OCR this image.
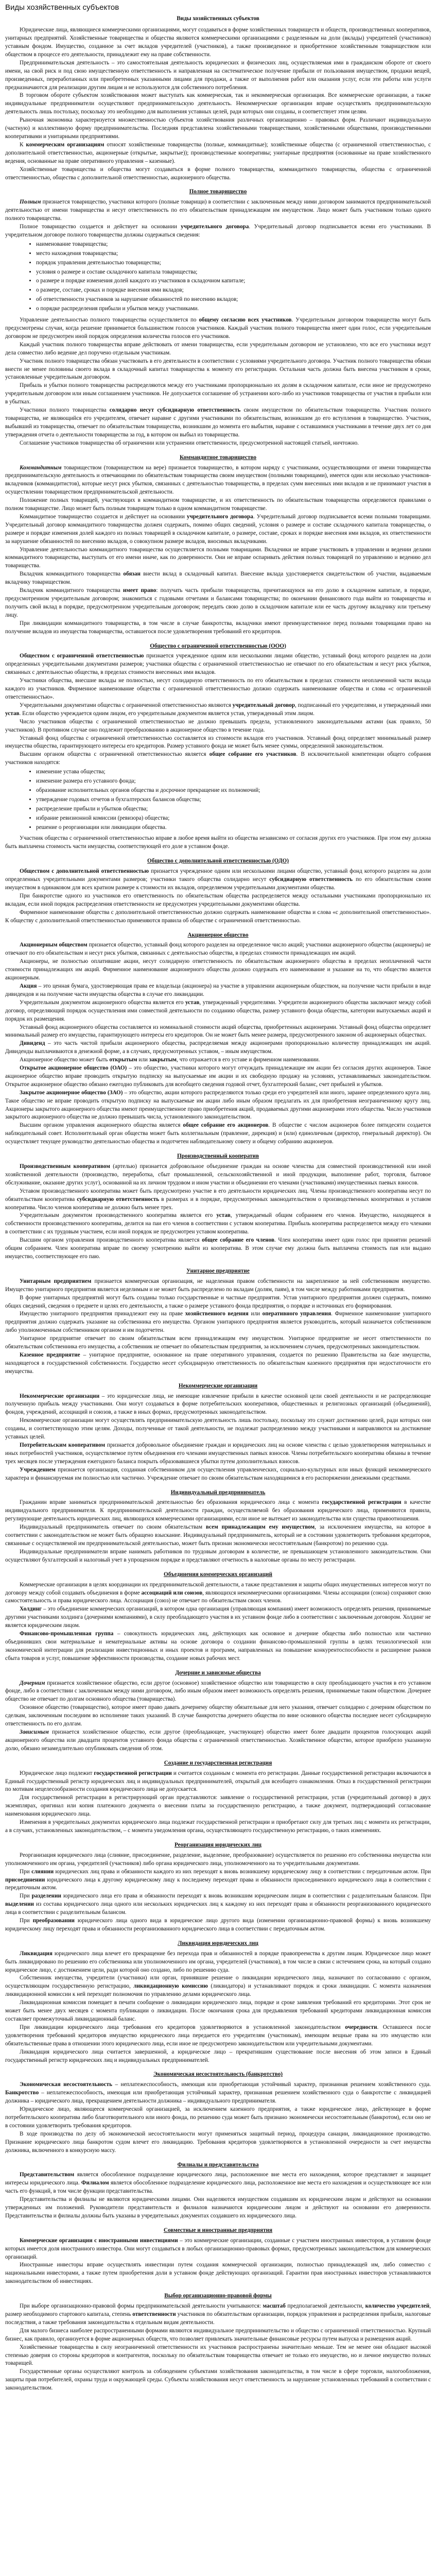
Виды хозяйственных субъектов
Виды хозяйственных субъектов
Юридические лица, являющиеся коммерческими организациями, могут создаваться в форме хозяйственных товариществ и обществ, производственных кооперативов, унитарных предприятий. Хозяйственные товарищества и общества являются коммерческими организациями с разделенным на доли (вклады) учредителей (участников) уставным фондом. Имущество, созданное за счет вкладов учредителей (участников), а также произведенное и приобретенное хозяйственным товариществом или обществом в процессе его деятельности, принадлежит ему на праве собственности.
Предпринимательская деятельность – это самостоятельная деятельность юридических и физических лиц, осуществляемая ими в гражданском обороте от своего имени, на свой риск и под свою имущественную ответственность и направленная на систематическое получение прибыли от пользования имуществом, продажи вещей, произведенных, переработанных или приобретенных указанными лицами для продажи, а также от выполнения работ или оказания услуг, если эти работы или услуги предназначаются для реализации другим лицам и не используются для собственного потребления.
В торговом обороте субъектом хозяйствования может выступать как коммерческая, так и некоммерческая организация. Все коммерческие организации, а также индивидуальные предприниматели осуществляют предпринимательскую деятельность. Некоммерческие организации вправе осуществлять предпринимательскую деятельность лишь постольку, поскольку это необходимо для выполнения уставных целей, ради которых они созданы, и соответствует этим целям.
Рыночная экономика характеризуется множественностью субъектов хозяйствования различных организационно – правовых форм. Различают индивидуальную (частную) и коллективную форму предпринимательства. Последняя представлена хозяйственными товариществами, хозяйственными обществами, производственными кооперативами и унитарными предприятиями.
К коммерческим организациям относят хозяйственные товарищества (полные, коммандитные); хозяйственные общества (с ограниченной ответственностью, с дополнительной ответственностью, акционерные (открытые, закрытые)); производственные кооперативы; унитарные предприятия (основанные на праве хозяйственного ведения, основанные на праве оперативного управления – казенные).
Хозяйственные товарищества и общества могут создаваться в форме полного товарищества, коммандитного товарищества, общества с ограниченной ответственностью, общества с дополнительной ответственностью, акционерного общества.
Полное товарищество
Полным признается товарищество, участники которого (полные товарищи) в соответствии с заключенным между ними договором занимаются предпринимательской деятельностью от имени товарищества и несут ответственность по его обязательствам принадлежащим им имуществом. Лицо может быть участником только одного полного товарищества.
Полное товарищество создается и действует на основании учредительного договора. Учредительный договор подписывается всеми его участниками. В учредительном договоре полного товарищества должны содержаться сведения:
• наименование товарищества;
• место нахождения товарищества;
• порядок управления деятельностью товарищества;
• условия о размере и составе складочного капитала товарищества;
• о размере и порядке изменения долей каждого из участников в складочном капитале;
• о размере, составе, сроках и порядке внесения ими вкладов;
• об ответственности участников за нарушение обязанностей по внесению вкладов;
• о порядке распределения прибыли и убытков между участниками.
Управление деятельностью полного товарищества осуществляется по общему согласию всех участников. Учредительным договором товарищества могут быть предусмотрены случаи, когда решение принимается большинством голосов участников. Каждый участник полного товарищества имеет один голос, если учредительным договором не предусмотрен иной порядок определения количества голосов его участников.
Каждый участник полного товарищества вправе действовать от имени товарищества, если учредительным договором не установлено, что все его участники ведут дела совместно либо ведение дел поручено отдельным участникам.
Участник полного товарищества обязан участвовать в его деятельности в соответствии с условиями учредительного договора. Участник полного товарищества обязан внести не менее половины своего вклада в складочный капитал товарищества к моменту его регистрации. Остальная часть должна быть внесена участником в сроки, установленные учредительным договором.
Прибыль и убытки полного товарищества распределяются между его участниками пропорционально их долям в складочном капитале, если иное не предусмотрено учредительным договором или иным соглашением участников. Не допускается соглашение об устранении кого-либо из участников товарищества от участия в прибыли или в убытках.
Участники полного товарищества солидарно несут субсидиарную ответственность своим имуществом по обязательствам товарищества. Участник полного товарищества, не являющийся его учредителем, отвечает наравне с другими участниками по обязательствам, возникшим до его вступления в товарищество. Участник, выбывший из товарищества, отвечает по обязательствам товарищества, возникшим до момента его выбытия, наравне с оставшимися участниками в течение двух лет со дня утверждения отчета о деятельности товарищества за год, в котором он выбыл из товарищества.
Соглашение участников товарищества об ограничении или устранении ответственности, предусмотренной настоящей статьей, ничтожно.
Коммандитное товарищество
Коммандитным товариществом (товариществом на вере) признается товарищество, в котором наряду с участниками, осуществляющими от имени товарищества предпринимательскую деятельность и отвечающими по обязательствам товарищества своим имуществом (полными товарищами), имеется один или несколько участников-вкладчиков (коммандитистов), которые несут риск убытков, связанных с деятельностью товарищества, в пределах сумм внесенных ими вкладов и не принимают участия в осуществлении товариществом предпринимательской деятельности.
Положение полных товарищей, участвующих в коммандитном товариществе, и их ответственность по обязательствам товарищества определяются правилами о полном товариществе. Лицо может быть полным товарищем только в одном коммандитном товариществе.
Коммандитное товарищество создается и действует на основании учредительного договора. Учредительный договор подписывается всеми полными товарищами. Учредительный договор коммандитного товарищества должен содержать, помимо общих сведений, условия о размере и составе складочного капитала товарищества, о размере и порядке изменения долей каждого из полных товарищей в складочном капитале, о размере, составе, сроках и порядке внесения ими вкладов, их ответственности за нарушение обязанностей по внесению вкладов, о совокупном размере вкладов, вносимых вкладчиками.
Управление деятельностью коммандитного товарищества осуществляется полными товарищами. Вкладчики не вправе участвовать в управлении и ведении делами коммандитного товарищества, выступать от его имени иначе, как по доверенности. Они не вправе оспаривать действия полных товарищей по управлению и ведению дел товарищества.
Вкладчик коммандитного товарищества обязан внести вклад в складочный капитал. Внесение вклада удостоверяется свидетельством об участии, выдаваемым вкладчику товариществом.
Вкладчик коммандитного товарищества имеет право: получать часть прибыли товарищества, причитающуюся на его долю в складочном капитале, в порядке, предусмотренном учредительным договором; знакомиться с годовыми отчетами и балансами товарищества; по окончании финансового года выйти из товарищества и получить свой вклад в порядке, предусмотренном учредительным договором; передать свою долю в складочном капитале или ее часть другому вкладчику или третьему лицу.
При ликвидации коммандитного товарищества, в том числе в случае банкротства, вкладчики имеют преимущественное перед полными товарищами право на получение вкладов из имущества товарищества, оставшегося после удовлетворения требований его кредиторов.
Общество с ограниченной ответственностью (ООО)
Обществом с ограниченной ответственностью признается учрежденное одним или несколькими лицами общество, уставный фонд которого разделен на доли определенных учредительными документами размеров; участники общества с ограниченной ответственностью не отвечают по его обязательствам и несут риск убытков, связанных с деятельностью общества, в пределах стоимости внесенных ими вкладов.
Участники общества, внесшие вклады не полностью, несут солидарную ответственность по его обязательствам в пределах стоимости неоплаченной части вклада каждого из участников. Фирменное наименование общества с ограниченной ответственностью должно содержать наименование общества и слова «с ограниченной ответственностью».
Учредительными документами общества с ограниченной ответственностью являются учредительный договор, подписанный его учредителями, и утвержденный ими устав. Если общество учреждается одним лицом, его учредительным документом является устав, утвержденный этим лицом.
Число участников общества с ограниченной ответственностью не должно превышать предела, установленного законодательными актами (как правило, 50 участников). В противном случае оно подлежит преобразованию в акционерное общество в течение года.
Уставный фонд общества с ограниченной ответственностью составляется из стоимости вкладов его участников. Уставный фонд определяет минимальный размер имущества общества, гарантирующего интересы его кредиторов. Размер уставного фонда не может быть менее суммы, определенной законодательством.
Высшим органом общества с ограниченной ответственностью является общее собрание его участников. В исключительной компетенции общего собрания участников находятся:
• изменение устава общества;
• изменение размера его уставного фонда;
• образование исполнительных органов общества и досрочное прекращение их полномочий;
• утверждение годовых отчетов и бухгалтерских балансов общества;
• распределение прибыли и убытков общества;
• избрание ревизионной комиссии (ревизора) общества;
• решение о реорганизации или ликвидации общества.
Участник общества с ограниченной ответственностью вправе в любое время выйти из общества независимо от согласия других его участников. При этом ему должна быть выплачена стоимость части имущества, соответствующей его доле в уставном фонде.
Общество с дополнительной ответственностью (ОДО)
Обществом с дополнительной ответственностью признается учрежденное одним или несколькими лицами общество, уставный фонд которого разделен на доли определенных учредительными документами размеров; участники такого общества солидарно несут субсидиарную ответственность по его обязательствам своим имуществом в одинаковом для всех кратном размере к стоимости их вкладов, определяемом учредительными документами общества.
При банкротстве одного из участников его ответственность по обязательствам общества распределяется между остальными участниками пропорционально их вкладам, если иной порядок распределения ответственности не предусмотрен учредительными документами общества.
Фирменное наименование общества с дополнительной ответственностью должно содержать наименование общества и слова «с дополнительной ответственностью». К обществу с дополнительной ответственностью применяются правила об обществе с ограниченной ответственностью.
Акционерное общество
Акционерным обществом признается общество, уставный фонд которого разделен на определенное число акций; участники акционерного общества (акционеры) не отвечают по его обязательствам и несут риск убытков, связанных с деятельностью общества, в пределах стоимости принадлежащих им акций.
Акционеры, не полностью оплатившие акции, несут солидарную ответственность по обязательствам акционерного общества в пределах неоплаченной части стоимости принадлежащих им акций. Фирменное наименование акционерного общества должно содержать его наименование и указание на то, что общество является акционерным.
Акция – это ценная бумага, удостоверяющая права ее владельца (акционера) на участие в управлении акционерным обществом, на получение части прибыли в виде дивидендов и на получение части имущества общества в случае его ликвидации.
Учредительным документом акционерного общества является его устав, утвержденный учредителями. Учредители акционерного общества заключают между собой договор, определяющий порядок осуществления ими совместной деятельности по созданию общества, размер уставного фонда общества, категории выпускаемых акций и порядок их размещения.
Уставный фонд акционерного общества составляется из номинальной стоимости акций общества, приобретенных акционерами. Уставный фонд общества определяет минимальный размер его имущества, гарантирующего интересы его кредиторов. Он не может быть менее размера, предусмотренного законом об акционерных обществах.
Дивиденд – это часть чистой прибыли акционерного общества, распределяемая между акционерами пропорционально количеству принадлежащих им акций. Дивиденды выплачиваются в денежной форме, а в случаях, предусмотренных уставом, – иным имуществом.
Акционерное общество может быть открытым или закрытым, что отражается в его уставе и фирменном наименовании.
Открытое акционерное общество (ОАО) – это общество, участники которого могут отчуждать принадлежащие им акции без согласия других акционеров. Такое акционерное общество вправе проводить открытую подписку на выпускаемые им акции и их свободную продажу на условиях, устанавливаемых законодательством. Открытое акционерное общество обязано ежегодно публиковать для всеобщего сведения годовой отчет, бухгалтерский баланс, счет прибылей и убытков.
Закрытое акционерное общество (ЗАО) – это общество, акции которого распределяются только среди его учредителей или иного, заранее определенного круга лиц. Такое общество не вправе проводить открытую подписку на выпускаемые им акции либо иным образом предлагать их для приобретения неограниченному кругу лиц. Акционеры закрытого акционерного общества имеют преимущественное право приобретения акций, продаваемых другими акционерами этого общества. Число участников закрытого акционерного общества не должно превышать числа, установленного законодательством.
Высшим органом управления акционерного общества является общее собрание его акционеров. В обществе с числом акционеров более пятидесяти создается наблюдательный совет. Исполнительный орган общества может быть коллегиальным (правление, дирекция) и (или) единоличным (директор, генеральный директор). Он осуществляет текущее руководство деятельностью общества и подотчетен наблюдательному совету и общему собранию акционеров.
Производственный кооператив
Производственным кооперативом (артелью) признается добровольное объединение граждан на основе членства для совместной производственной или иной хозяйственной деятельности (производство, переработка, сбыт промышленной, сельскохозяйственной и иной продукции, выполнение работ, торговля, бытовое обслуживание, оказание других услуг), основанной на их личном трудовом и ином участии и объединении его членами (участниками) имущественных паевых взносов.
Уставом производственного кооператива может быть предусмотрено участие в его деятельности юридических лиц. Члены производственного кооператива несут по обязательствам кооператива субсидиарную ответственность в размерах и в порядке, предусмотренных законодательством о производственных кооперативах и уставом кооператива. Число членов кооператива не должно быть менее трех.
Учредительным документом производственного кооператива является его устав, утверждаемый общим собранием его членов. Имущество, находящееся в собственности производственного кооператива, делится на паи его членов в соответствии с уставом кооператива. Прибыль кооператива распределяется между его членами в соответствии с их трудовым участием, если иной порядок не предусмотрен уставом кооператива.
Высшим органом управления производственного кооператива является общее собрание его членов. Член кооператива имеет один голос при принятии решений общим собранием. Член кооператива вправе по своему усмотрению выйти из кооператива. В этом случае ему должна быть выплачена стоимость пая или выдано имущество, соответствующее его паю.
Унитарное предприятие
Унитарным предприятием признается коммерческая организация, не наделенная правом собственности на закрепленное за ней собственником имущество. Имущество унитарного предприятия является неделимым и не может быть распределено по вкладам (долям, паям), в том числе между работниками предприятия.
В форме унитарных предприятий могут быть созданы только государственные и частные предприятия. Устав унитарного предприятия должен содержать, помимо общих сведений, сведения о предмете и целях его деятельности, а также о размере уставного фонда предприятия, о порядке и источниках его формирования.
Имущество унитарного предприятия принадлежит ему на праве хозяйственного ведения или оперативного управления. Фирменное наименование унитарного предприятия должно содержать указание на собственника его имущества. Органом унитарного предприятия является руководитель, который назначается собственником либо уполномоченным собственником органом и им подотчетен.
Унитарное предприятие отвечает по своим обязательствам всем принадлежащим ему имуществом. Унитарное предприятие не несет ответственности по обязательствам собственника его имущества, а собственник не отвечает по обязательствам предприятия, за исключением случаев, предусмотренных законодательством.
Казенное предприятие – унитарное предприятие, основанное на праве оперативного управления, создается по решению Правительства на базе имущества, находящегося в государственной собственности. Государство несет субсидиарную ответственность по обязательствам казенного предприятия при недостаточности его имущества.
Некоммерческие организации
Некоммерческие организации – это юридические лица, не имеющие извлечение прибыли в качестве основной цели своей деятельности и не распределяющие полученную прибыль между участниками. Они могут создаваться в форме потребительских кооперативов, общественных и религиозных организаций (объединений), фондов, учреждений, ассоциаций и союзов, а также в иных формах, предусмотренных законодательством.
Некоммерческие организации могут осуществлять предпринимательскую деятельность лишь постольку, поскольку это служит достижению целей, ради которых они созданы, и соответствующую этим целям. Доходы, полученные от такой деятельности, не подлежат распределению между участниками и направляются на достижение уставных целей.
Потребительским кооперативом признается добровольное объединение граждан и юридических лиц на основе членства с целью удовлетворения материальных и иных потребностей участников, осуществляемое путем объединения его членами имущественных паевых взносов. Члены потребительского кооператива обязаны в течение трех месяцев после утверждения ежегодного баланса покрыть образовавшиеся убытки путем дополнительных взносов.
Учреждением признается организация, созданная собственником для осуществления управленческих, социально-культурных или иных функций некоммерческого характера и финансируемая им полностью или частично. Учреждение отвечает по своим обязательствам находящимися в его распоряжении денежными средствами.
Индивидуальный предприниматель
Гражданин вправе заниматься предпринимательской деятельностью без образования юридического лица с момента государственной регистрации в качестве индивидуального предпринимателя. К предпринимательской деятельности граждан, осуществляемой без образования юридического лица, применяются правила, регулирующие деятельность юридических лиц, являющихся коммерческими организациями, если иное не вытекает из законодательства или существа правоотношения.
Индивидуальный предприниматель отвечает по своим обязательствам всем принадлежащим ему имуществом, за исключением имущества, на которое в соответствии с законодательством не может быть обращено взыскание. Индивидуальный предприниматель, который не в состоянии удовлетворить требования кредиторов, связанные с осуществляемой им предпринимательской деятельностью, может быть признан экономически несостоятельным (банкротом) по решению суда.
Индивидуальные предприниматели вправе нанимать работников по трудовым договорам в количестве, не превышающем установленного законодательством. Они осуществляют бухгалтерский и налоговый учет в упрощенном порядке и представляют отчетность в налоговые органы по месту регистрации.
Объединения коммерческих организаций
Коммерческие организации в целях координации их предпринимательской деятельности, а также представления и защиты общих имущественных интересов могут по договору между собой создавать объединения в форме ассоциаций или союзов, являющихся некоммерческими организациями. Члены ассоциации (союза) сохраняют свою самостоятельность и права юридического лица. Ассоциация (союз) не отвечает по обязательствам своих членов.
Холдинг – это объединение коммерческих организаций, в котором одна организация (управляющая компания) имеет возможность определять решения, принимаемые другими участниками холдинга (дочерними компаниями), в силу преобладающего участия в их уставном фонде либо в соответствии с заключенным договором. Холдинг не является юридическим лицом.
Финансово-промышленная группа – совокупность юридических лиц, действующих как основное и дочерние общества либо полностью или частично объединивших свои материальные и нематериальные активы на основе договора о создании финансово-промышленной группы в целях технологической или экономической интеграции для реализации инвестиционных и иных проектов и программ, направленных на повышение конкурентоспособности и расширение рынков сбыта товаров и услуг, повышение эффективности производства, создание новых рабочих мест.
Дочерние и зависимые общества
Дочерним признается хозяйственное общество, если другое (основное) хозяйственное общество или товарищество в силу преобладающего участия в его уставном фонде, либо в соответствии с заключенным между ними договором, либо иным образом имеет возможность определять решения, принимаемые таким обществом. Дочернее общество не отвечает по долгам основного общества (товарищества).
Основное общество (товарищество), которое имеет право давать дочернему обществу обязательные для него указания, отвечает солидарно с дочерним обществом по сделкам, заключенным последним во исполнение таких указаний. В случае банкротства дочернего общества по вине основного общества последнее несет субсидиарную ответственность по его долгам.
Зависимым признается хозяйственное общество, если другое (преобладающее, участвующее) общество имеет более двадцати процентов голосующих акций акционерного общества или двадцати процентов уставного фонда общества с ограниченной ответственностью. Хозяйственное общество, которое приобрело указанную долю, обязано незамедлительно опубликовать сведения об этом.
Создание и государственная регистрация
Юридическое лицо подлежит государственной регистрации и считается созданным с момента его регистрации. Данные государственной регистрации включаются в Единый государственный регистр юридических лиц и индивидуальных предпринимателей, открытый для всеобщего ознакомления. Отказ в государственной регистрации по мотивам нецелесообразности создания юридического лица не допускается.
Для государственной регистрации в регистрирующий орган представляются: заявление о государственной регистрации, устав (учредительный договор) в двух экземплярах, оригинал или копия платежного документа о внесении платы за государственную регистрацию, а также документ, подтверждающий согласование наименования юридического лица.
Изменения в учредительных документах юридического лица подлежат государственной регистрации и приобретают силу для третьих лиц с момента их регистрации, а в случаях, установленных законодательством, – с момента уведомления органа, осуществляющего государственную регистрацию, о таких изменениях.
Реорганизация юридических лиц
Реорганизация юридического лица (слияние, присоединение, разделение, выделение, преобразование) осуществляется по решению его собственника имущества или уполномоченного им органа, учредителей (участников) либо органа юридического лица, уполномоченного на то учредительными документами.
При слиянии юридических лиц права и обязанности каждого из них переходят к вновь возникшему юридическому лицу в соответствии с передаточным актом. При присоединении юридического лица к другому юридическому лицу к последнему переходят права и обязанности присоединенного юридического лица в соответствии с передаточным актом.
При разделении юридического лица его права и обязанности переходят к вновь возникшим юридическим лицам в соответствии с разделительным балансом. При выделении из состава юридического лица одного или нескольких юридических лиц к каждому из них переходят права и обязанности реорганизованного юридического лица в соответствии с разделительным балансом.
При преобразовании юридического лица одного вида в юридическое лицо другого вида (изменении организационно-правовой формы) к вновь возникшему юридическому лицу переходят права и обязанности реорганизованного юридического лица в соответствии с передаточным актом.
Ликвидация юридических лиц
Ликвидация юридического лица влечет его прекращение без перехода прав и обязанностей в порядке правопреемства к другим лицам. Юридическое лицо может быть ликвидировано по решению его собственника или уполномоченного им органа, учредителей (участников), в том числе в связи с истечением срока, на который создано юридическое лицо, с достижением цели, ради которой оно создано, либо по решению суда.
Собственник имущества, учредители (участники) или орган, принявшие решение о ликвидации юридического лица, назначают по согласованию с органом, осуществляющим государственную регистрацию, ликвидационную комиссию (ликвидатора) и устанавливают порядок и сроки ликвидации. С момента назначения ликвидационной комиссии к ней переходят полномочия по управлению делами юридического лица.
Ликвидационная комиссия помещает в печати сообщение о ликвидации юридического лица, порядке и сроке заявления требований его кредиторами. Этот срок не может быть менее двух месяцев с момента публикации о ликвидации. После окончания срока для предъявления требований кредиторами ликвидационная комиссия составляет промежуточный ликвидационный баланс.
При ликвидации юридического лица требования его кредиторов удовлетворяются в установленной законодательством очередности. Оставшееся после удовлетворения требований кредиторов имущество юридического лица передается его учредителям (участникам), имеющим вещные права на это имущество или обязательственные права в отношении этого юридического лица, если иное не предусмотрено законодательством или учредительными документами.
Ликвидация юридического лица считается завершенной, а юридическое лицо – прекратившим существование после внесения об этом записи в Единый государственный регистр юридических лиц и индивидуальных предпринимателей.
Экономическая несостоятельность (банкротство)
Экономическая несостоятельность – неплатежеспособность, имеющая или приобретающая устойчивый характер, признанная решением хозяйственного суда. Банкротство – неплатежеспособность, имеющая или приобретающая устойчивый характер, признанная решением хозяйственного суда о банкротстве с ликвидацией должника – юридического лица, прекращением деятельности должника – индивидуального предпринимателя.
Юридическое лицо, являющееся коммерческой организацией, за исключением казенного предприятия, а также юридическое лицо, действующее в форме потребительского кооператива либо благотворительного или иного фонда, по решению суда может быть признано экономически несостоятельным (банкротом), если оно не в состоянии удовлетворить требования кредиторов.
В ходе производства по делу об экономической несостоятельности могут применяться защитный период, процедура санации, ликвидационное производство. Признание юридического лица банкротом судом влечет его ликвидацию. Требования кредиторов удовлетворяются в установленной очередности за счет имущества должника, включенного в конкурсную массу.
Филиалы и представительства
Представительством является обособленное подразделение юридического лица, расположенное вне места его нахождения, которое представляет и защищает интересы юридического лица. Филиалом является обособленное подразделение юридического лица, расположенное вне места его нахождения и осуществляющее все или часть его функций, в том числе функции представительства.
Представительства и филиалы не являются юридическими лицами. Они наделяются имуществом создавшим их юридическим лицом и действуют на основании утвержденных им положений. Руководители представительств и филиалов назначаются юридическим лицом и действуют на основании его доверенности. Представительства и филиалы должны быть указаны в учредительных документах создавшего их юридического лица.
Совместные и иностранные предприятия
Коммерческие организации с иностранными инвестициями – это коммерческие организации, созданные с участием иностранных инвесторов, в уставном фонде которых имеется доля иностранного инвестора. Они могут создаваться в любых организационно-правовых формах, предусмотренных законодательством для коммерческих организаций.
Иностранные инвесторы вправе осуществлять инвестиции путем создания коммерческой организации, полностью принадлежащей им, либо совместно с национальными инвесторами, а также путем приобретения доли в уставном фонде действующих организаций. Гарантии прав иностранных инвесторов устанавливаются законодательством об инвестициях.
Выбор организационно-правовой формы
При выборе организационно-правовой формы предпринимательской деятельности учитываются: масштаб предполагаемой деятельности, количество учредителей, размер необходимого стартового капитала, степень ответственности участников по обязательствам организации, порядок управления и распределения прибыли, налоговые последствия, а также требования законодательства к отдельным видам деятельности.
Для малого бизнеса наиболее распространенными формами являются индивидуальное предпринимательство и общество с ограниченной ответственностью. Крупный бизнес, как правило, организуется в форме акционерных обществ, что позволяет привлекать значительные финансовые ресурсы путем выпуска и размещения акций.
Хозяйственные товарищества в силу неограниченной ответственности их участников распространены значительно меньше. Тем не менее они обладают высокой степенью доверия со стороны кредиторов и контрагентов, поскольку по обязательствам товарищества отвечает не только его имущество, но и личное имущество полных товарищей.
Государственные органы осуществляют контроль за соблюдением субъектами хозяйствования законодательства, в том числе в сфере торговли, налогообложения, защиты прав потребителей, охраны труда и окружающей среды. Субъекты хозяйствования несут ответственность за нарушение установленных требований в соответствии с законодательством.
